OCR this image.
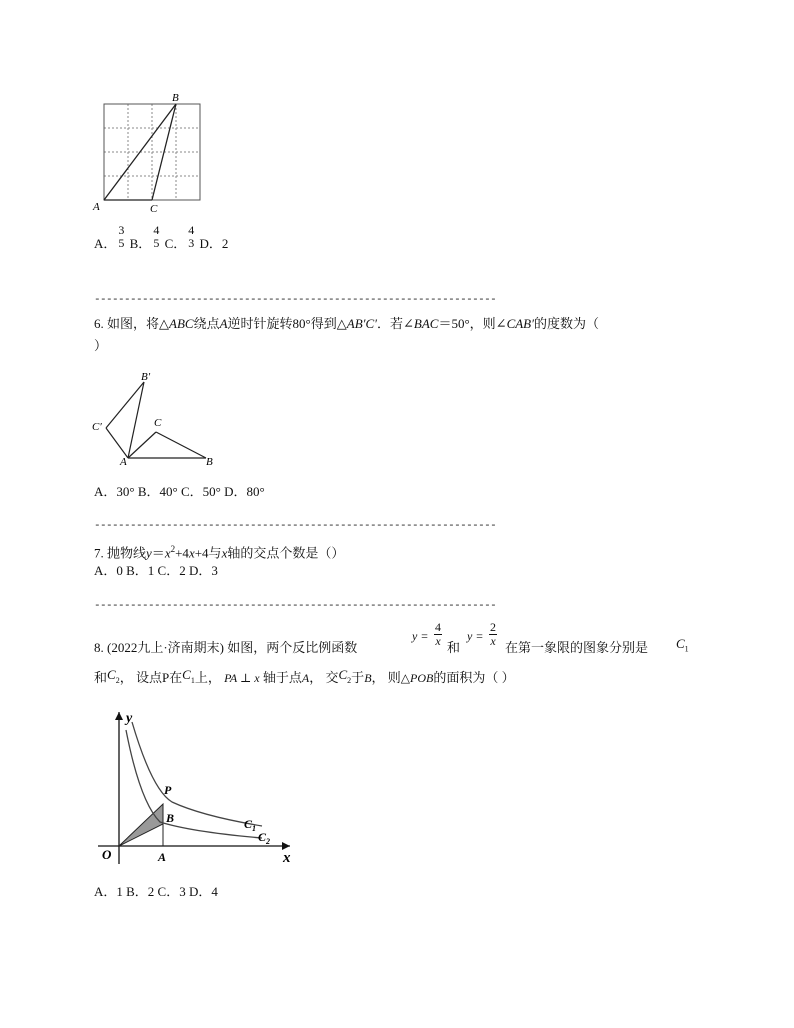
B
A	C
A．
3
5 B．
4
5 C．
4
3 D．2
-------------------------------------------------------------------
6. 如图，将△ABC绕点A逆时针旋转80°得到△AB′C′．若∠BAC＝50°，则∠CAB′的度数为（
）
B′
C′	C
A	B
A．30° B．40° C．50° D．80°
-------------------------------------------------------------------
7. 抛物线$y=x^2+4x+4$与x轴的交点个数是（）
A．0 B．1 C．2 D．3
-------------------------------------------------------------------
8. (2022九上·济南期末) 如图，两个反比例函数
$y = \frac{4}{x}$ 和
$y = \frac{2}{x}$ 在第一象限的图象分别是 $C_1$
和$C_2$， 设点P在$C_1$上， PA ⊥ x 轴于点A， 交$C_2$于B， 则△POB的面积为（ ）
y
x
O	A
P
B	$C_1$
$C_2$
A．1 B．2 C．3 D．4
